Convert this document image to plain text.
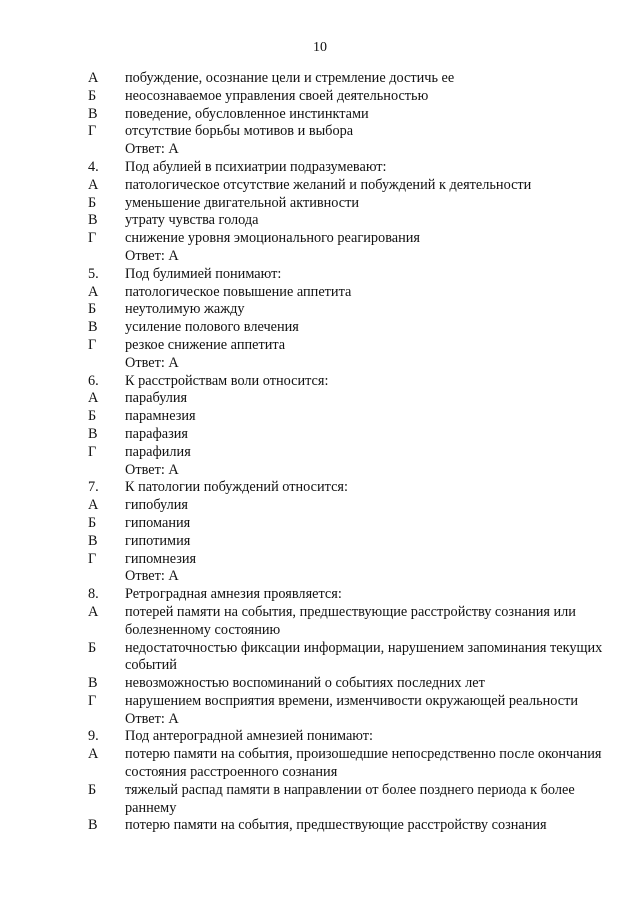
10
А	побуждение, осознание цели и стремление достичь ее
Б	неосознаваемое управления своей деятельностью
В	поведение, обусловленное инстинктами
Г	отсутствие борьбы мотивов и выбора
Ответ: А
4.	Под абулией в психиатрии подразумевают:
А	патологическое отсутствие желаний и побуждений к деятельности
Б	уменьшение двигательной активности
В	утрату чувства голода
Г	снижение уровня эмоционального реагирования
Ответ: А
5.	Под булимией понимают:
А	патологическое повышение аппетита
Б	неутолимую жажду
В	усиление полового влечения
Г	резкое снижение аппетита
Ответ: А
6.	К расстройствам воли относится:
А	парабулия
Б	парамнезия
В	парафазия
Г	парафилия
Ответ: А
7.	К патологии побуждений относится:
А	гипобулия
Б	гипомания
В	гипотимия
Г	гипомнезия
Ответ: А
8.	Ретроградная амнезия проявляется:
А	потерей памяти на события, предшествующие расстройству сознания или болезненному состоянию
Б	недостаточностью фиксации информации, нарушением запоминания текущих событий
В	невозможностью воспоминаний о событиях последних лет
Г	нарушением восприятия времени, изменчивости окружающей реальности
Ответ: А
9.	Под антероградной амнезией понимают:
А	потерю памяти на события, произошедшие непосредственно после окончания состояния расстроенного сознания
Б	тяжелый распад памяти в направлении от более позднего периода к более раннему
В	потерю памяти на события, предшествующие расстройству сознания
